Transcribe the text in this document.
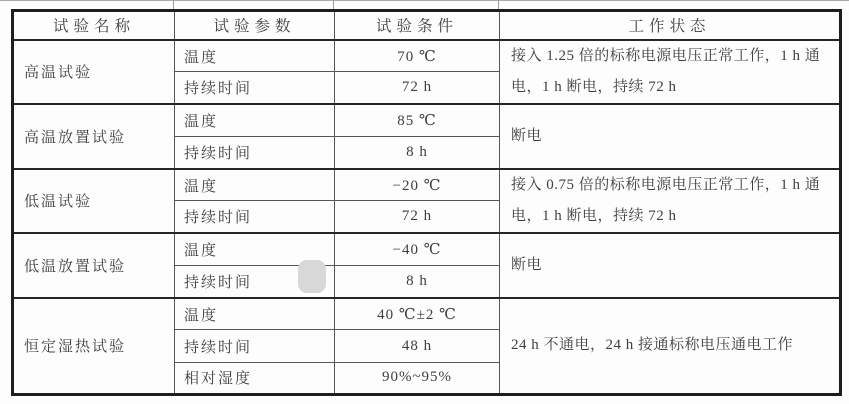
试验名称	试验参数	试验条件	工作状态
高温试验	温度	70 ℃	接入 1.25 倍的标称电源电压正常工作，1 h 通电，1 h 断电，持续 72 h
	持续时间	72 h	
高温放置试验	温度	85 ℃	断电
	持续时间	8 h	
低温试验	温度	−20 ℃	接入 0.75 倍的标称电源电压正常工作，1 h 通电，1 h 断电，持续 72 h
	持续时间	72 h	
低温放置试验	温度	−40 ℃	断电
	持续时间	8 h	
恒定湿热试验	温度	40 ℃±2 ℃	24 h 不通电，24 h 接通标称电压通电工作
	持续时间	48 h	
	相对湿度	90%~95%	
